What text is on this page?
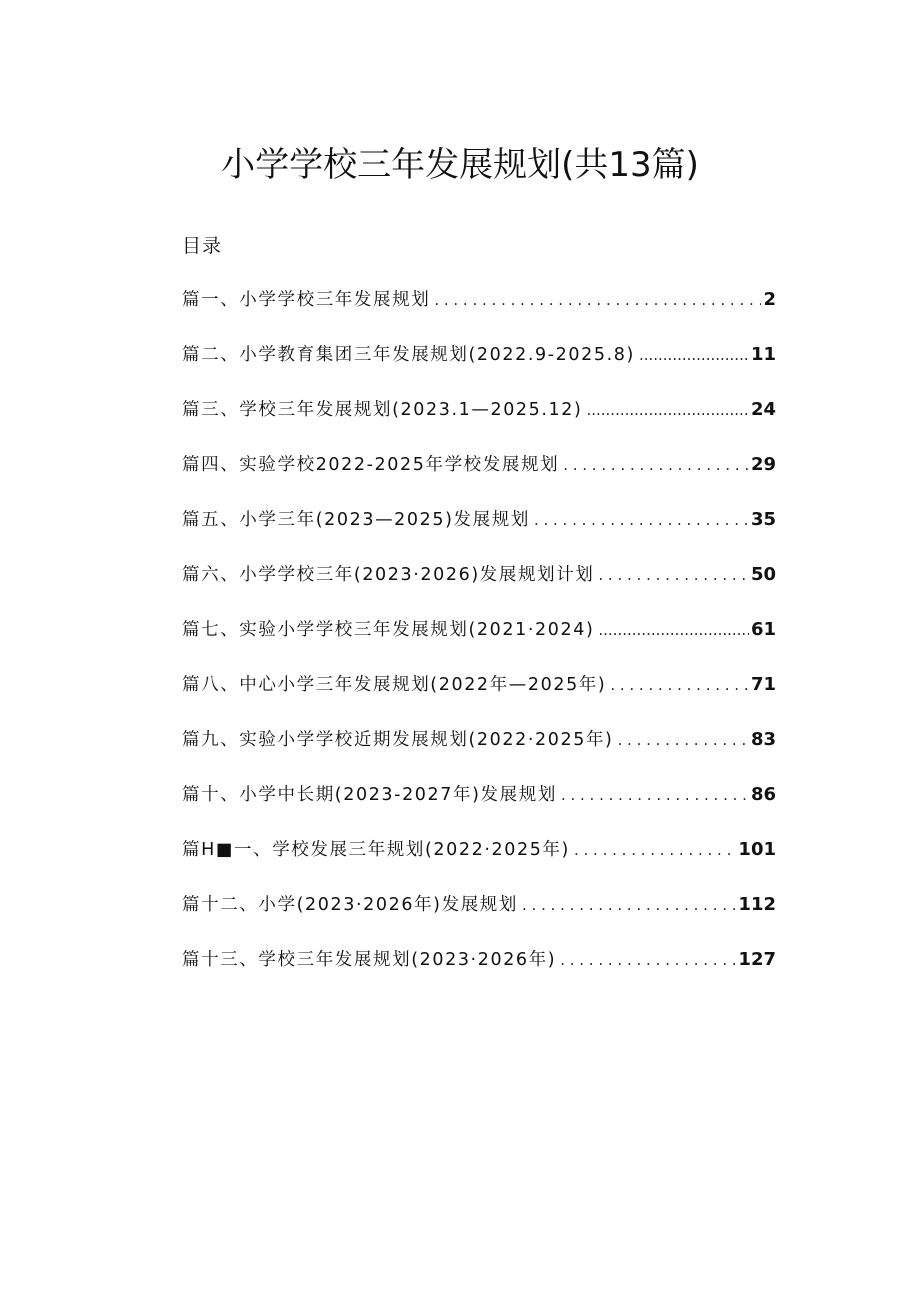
小学学校三年发展规划(共13篇)
目录
篇一、小学学校三年发展规划 . . .	2
篇二、小学教育集团三年发展规划(2022.9-2025.8) .....	11
篇三、学校三年发展规划(2023.1—2025.12) .....	24
篇四、实验学校2022-2025年学校发展规划 . . .	29
篇五、小学三年(2023—2025)发展规划 . . .	35
篇六、小学学校三年(2023·2026)发展规划计划 . . .	50
篇七、实验小学学校三年发展规划(2021·2024) .....	61
篇八、中心小学三年发展规划(2022年—2025年) . . .	71
篇九、实验小学学校近期发展规划(2022·2025年) . . .	83
篇十、小学中长期(2023-2027年)发展规划 . . .	86
篇H■一、学校发展三年规划(2022·2025年) . . .	101
篇十二、小学(2023·2026年)发展规划 . . .	112
篇十三、学校三年发展规划(2023·2026年) . . .	127
